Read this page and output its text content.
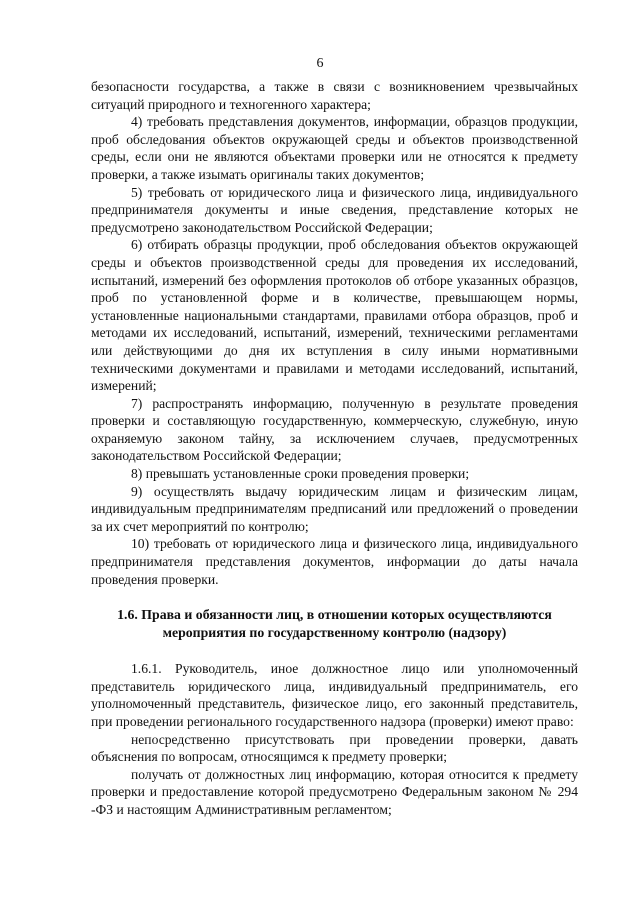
6

безопасности государства, а также в связи с возникновением чрезвычайных ситуаций природного и техногенного характера;

4) требовать представления документов, информации, образцов продукции, проб обследования объектов окружающей среды и объектов производственной среды, если они не являются объектами проверки или не относятся к предмету проверки, а также изымать оригиналы таких документов;

5) требовать от юридического лица и физического лица, индивидуального предпринимателя документы и иные сведения, представление которых не предусмотрено законодательством Российской Федерации;

6) отбирать образцы продукции, проб обследования объектов окружающей среды и объектов производственной среды для проведения их исследований, испытаний, измерений без оформления протоколов об отборе указанных образцов, проб по установленной форме и в количестве, превышающем нормы, установленные национальными стандартами, правилами отбора образцов, проб и методами их исследований, испытаний, измерений, техническими регламентами или действующими до дня их вступления в силу иными нормативными техническими документами и правилами и методами исследований, испытаний, измерений;

7) распространять информацию, полученную в результате проведения проверки и составляющую государственную, коммерческую, служебную, иную охраняемую законом тайну, за исключением случаев, предусмотренных законодательством Российской Федерации;

8) превышать установленные сроки проведения проверки;

9) осуществлять выдачу юридическим лицам и физическим лицам, индивидуальным предпринимателям предписаний или предложений о проведении за их счет мероприятий по контролю;

10) требовать от юридического лица и физического лица, индивидуального предпринимателя представления документов, информации до даты начала проведения проверки.

1.6. Права и обязанности лиц, в отношении которых осуществляются мероприятия по государственному контролю (надзору)

1.6.1. Руководитель, иное должностное лицо или уполномоченный представитель юридического лица, индивидуальный предприниматель, его уполномоченный представитель, физическое лицо, его законный представитель, при проведении регионального государственного надзора (проверки) имеют право:

непосредственно присутствовать при проведении проверки, давать объяснения по вопросам, относящимся к предмету проверки;

получать от должностных лиц информацию, которая относится к предмету проверки и предоставление которой предусмотрено Федеральным законом № 294 -ФЗ и настоящим Административным регламентом;
